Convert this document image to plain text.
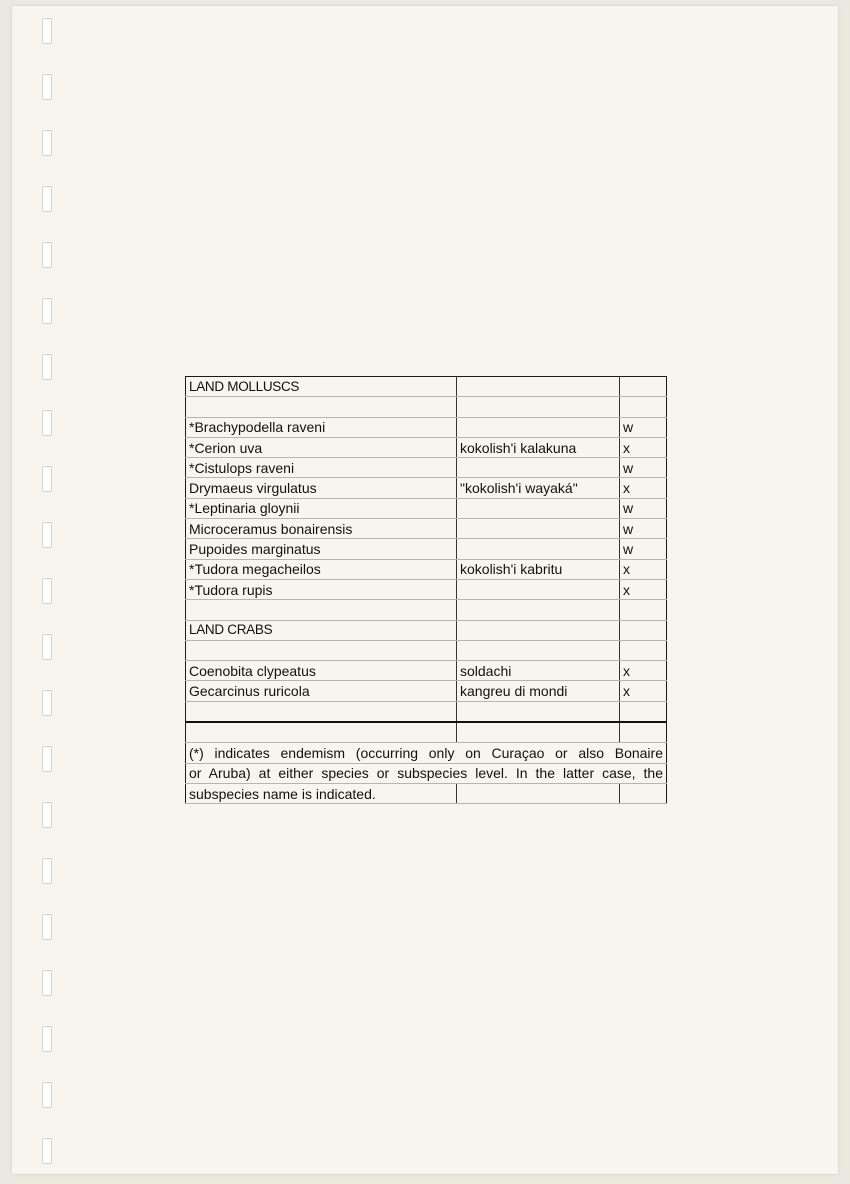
LAND MOLLUSCS		

*Brachypodella raveni		w
*Cerion uva	kokolish'i kalakuna	x
*Cistulops raveni		w
Drymaeus virgulatus	"kokolish'i wayaká"	x
*Leptinaria gloynii		w
Microceramus bonairensis		w
Pupoides marginatus		w
*Tudora megacheilos	kokolish'i kabritu	x
*Tudora rupis		x

LAND CRABS		

Coenobita clypeatus	soldachi	x
Gecarcinus ruricola	kangreu di mondi	x

(*) indicates endemism (occurring only on Curaçao or also Bonaire		
or Aruba) at either species or subspecies level. In the latter case, the		
subspecies name is indicated.		
